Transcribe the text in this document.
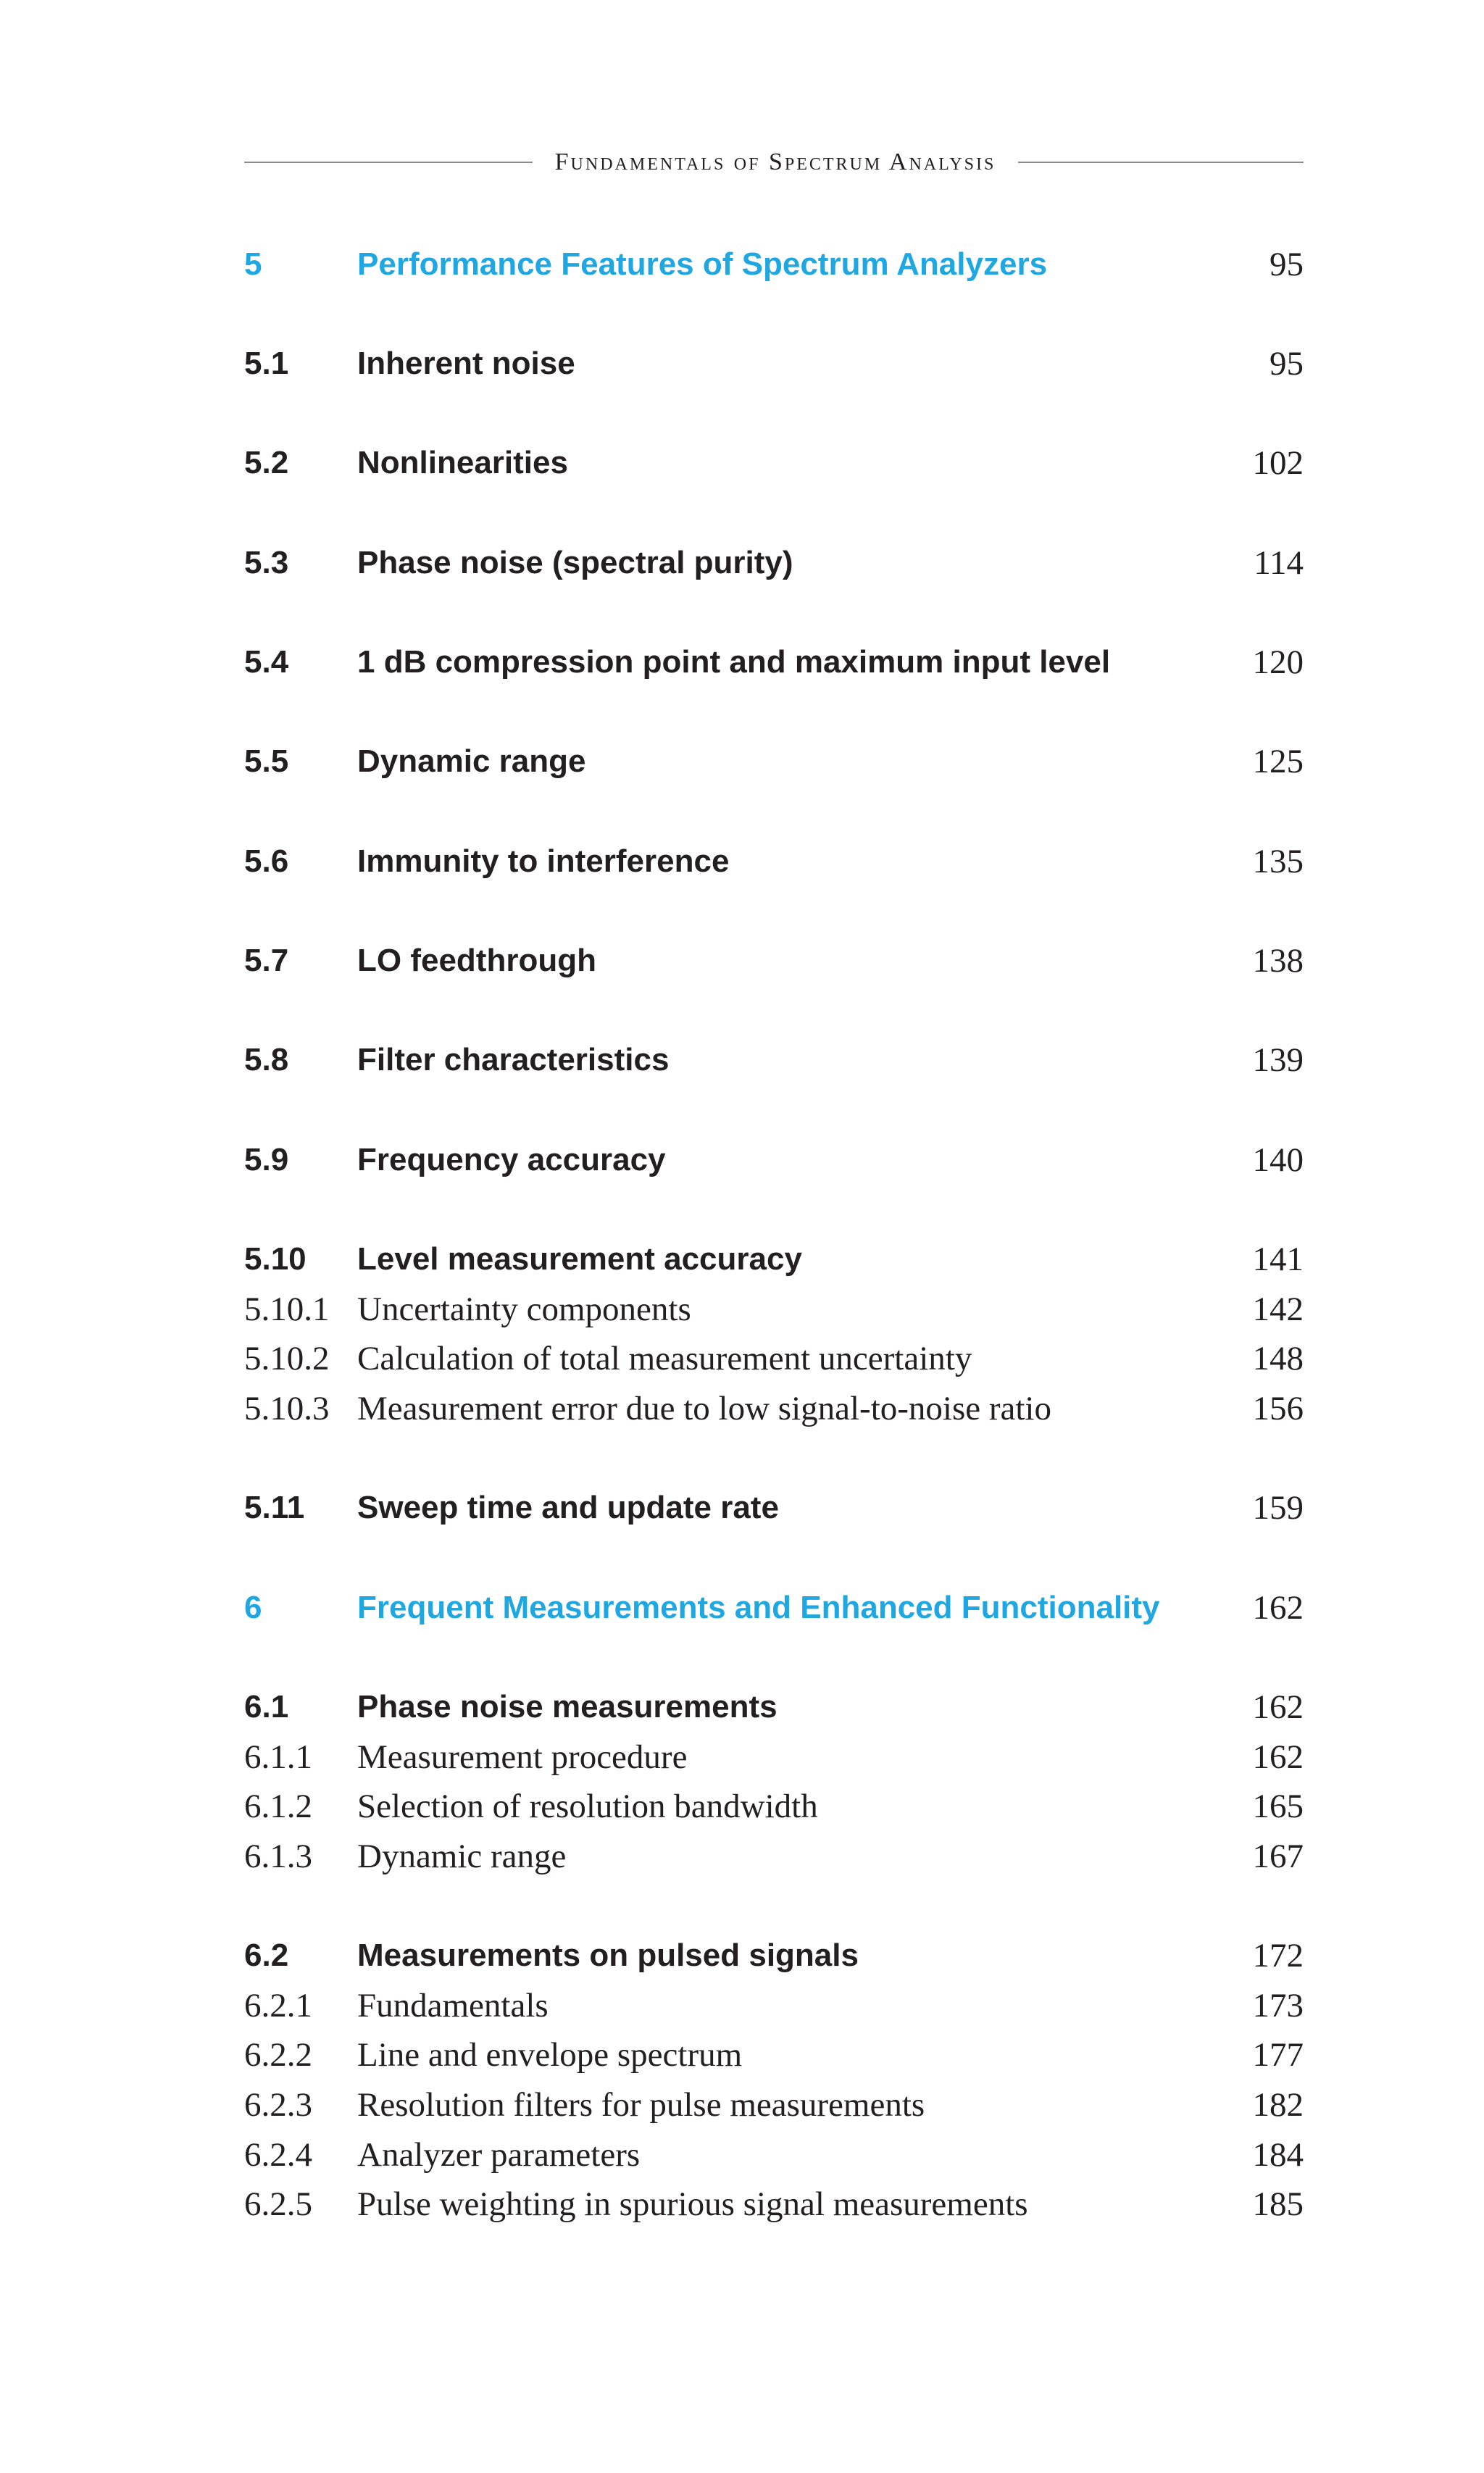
Fundamentals of Spectrum Analysis
5	Performance Features of Spectrum Analyzers	95
5.1 Inherent noise	95
5.2 Nonlinearities	102
5.3 Phase noise (spectral purity)	114
5.4 1 dB compression point and maximum input level	120
5.5 Dynamic range	125
5.6 Immunity to interference	135
5.7 LO feedthrough	138
5.8 Filter characteristics	139
5.9 Frequency accuracy	140
5.10 Level measurement accuracy	141
5.10.1 Uncertainty components	142
5.10.2 Calculation of total measurement uncertainty	148
5.10.3 Measurement error due to low signal-to-noise ratio	156
5.11 Sweep time and update rate	159
6	Frequent Measurements and Enhanced Functionality	162
6.1 Phase noise measurements	162
6.1.1 Measurement procedure	162
6.1.2 Selection of resolution bandwidth	165
6.1.3 Dynamic range	167
6.2 Measurements on pulsed signals	172
6.2.1 Fundamentals	173
6.2.2 Line and envelope spectrum	177
6.2.3 Resolution filters for pulse measurements	182
6.2.4 Analyzer parameters	184
6.2.5 Pulse weighting in spurious signal measurements	185
